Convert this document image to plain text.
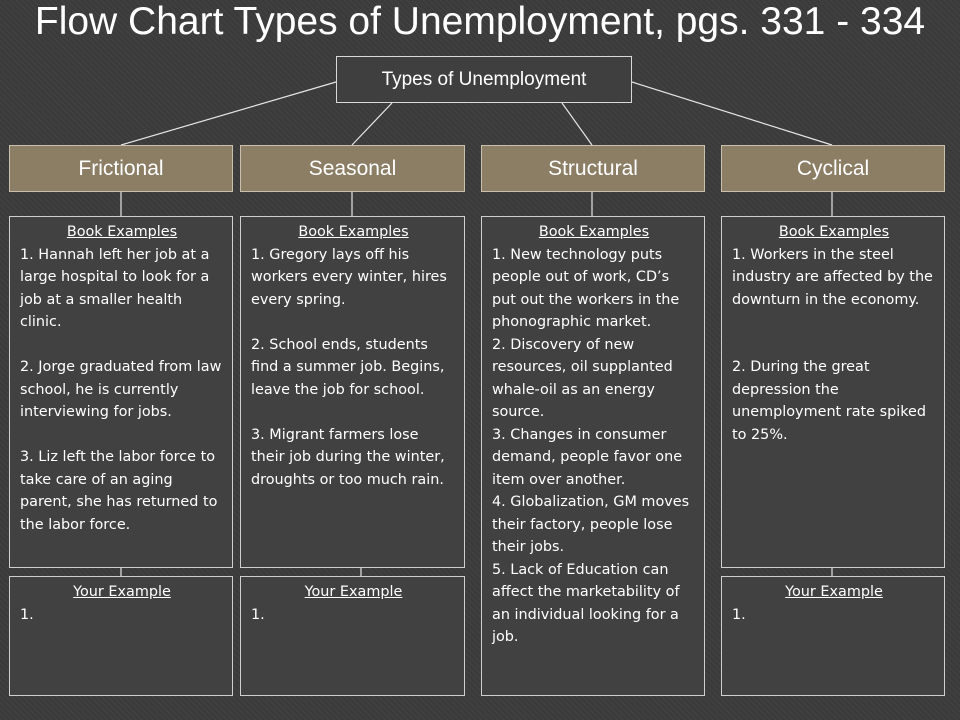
Flow Chart Types of Unemployment, pgs. 331 - 334
Types of Unemployment
Frictional	Seasonal	Structural	Cyclical
Book Examples

1. Hannah left her job at a large hospital to look for a job at a smaller health clinic.

2. Jorge graduated from law school, he is currently interviewing for jobs.

3. Liz left the labor force to take care of an aging parent, she has returned to the labor force.

Book Examples

1. Gregory lays off his workers every winter, hires every spring.

2. School ends, students find a summer job. Begins, leave the job for school.

3. Migrant farmers lose their job during the winter, droughts or too much rain.

Book Examples

1. New technology puts people out of work, CD’s put out the workers in the phonographic market.

2. Discovery of new resources, oil supplanted whale-oil as an energy source.

3. Changes in consumer demand, people favor one item over another.

4. Globalization, GM moves their factory, people lose their jobs.

5. Lack of Education can affect the marketability of an individual looking for a job.

Book Examples

1. Workers in the steel industry are affected by the downturn in the economy.

2. During the great depression the unemployment rate spiked to 25%.

Your Example
1.
Your Example
1.
Your Example
1.
